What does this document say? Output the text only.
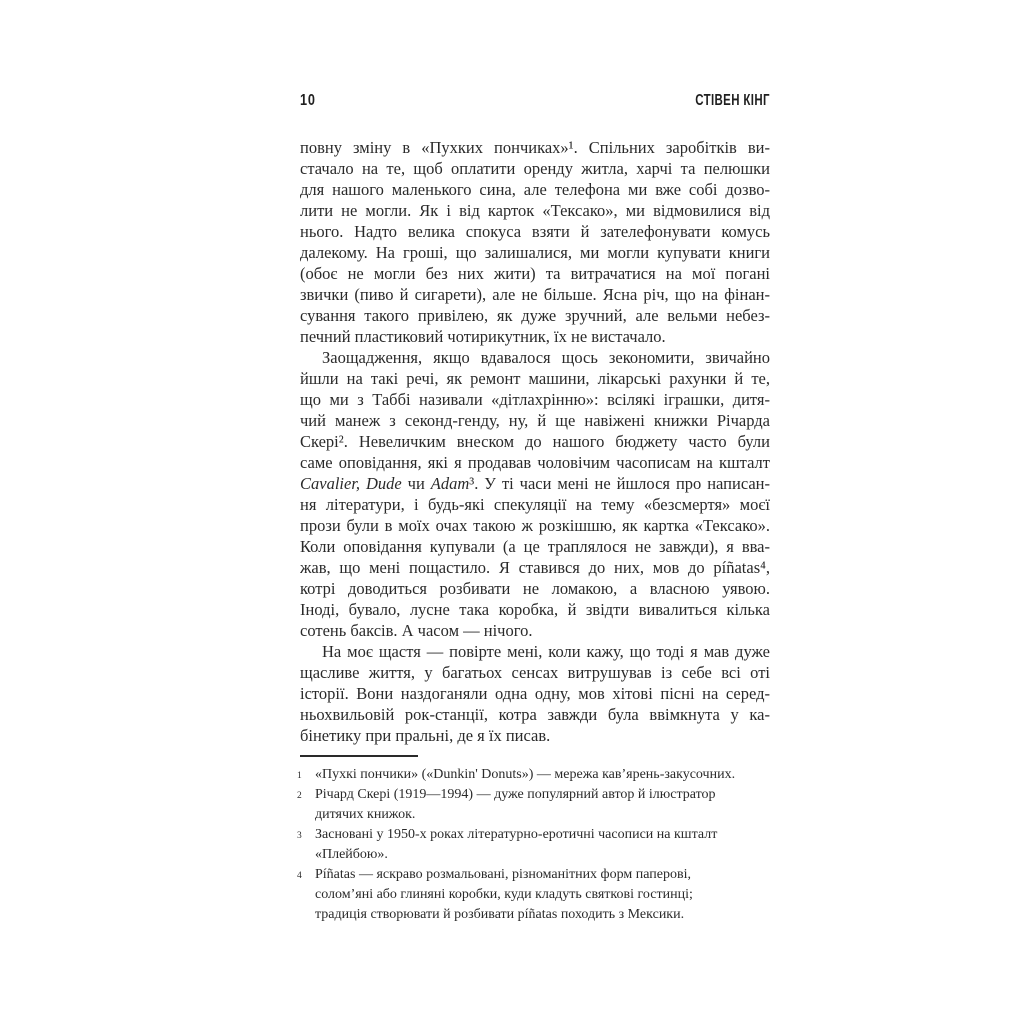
10	СТІВЕН КІНГ
повну зміну в «Пухких пончиках»¹. Спільних заробітків ви-
стачало на те, щоб оплатити оренду житла, харчі та пелюшки
для нашого маленького сина, але телефона ми вже собі дозво-
лити не могли. Як і від карток «Тексако», ми відмовилися від
нього. Надто велика спокуса взяти й зателефонувати комусь
далекому. На гроші, що залишалися, ми могли купувати книги
(обоє не могли без них жити) та витрачатися на мої погані
звички (пиво й сигарети), але не більше. Ясна річ, що на фінан-
сування такого привілею, як дуже зручний, але вельми небез-
печний пластиковий чотирикутник, їх не вистачало.
Заощадження, якщо вдавалося щось зекономити, звичайно
йшли на такі речі, як ремонт машини, лікарські рахунки й те,
що ми з Таббі називали «дітлахрінню»: всілякі іграшки, дитя-
чий манеж з секонд-генду, ну, й ще навіжені книжки Річарда
Скері². Невеличким внеском до нашого бюджету часто були
саме оповідання, які я продавав чоловічим часописам на кшталт
Cavalier, Dude чи Adam³. У ті часи мені не йшлося про написан-
ня літератури, і будь-які спекуляції на тему «безсмертя» моєї
прози були в моїх очах такою ж розкішшю, як картка «Тексако».
Коли оповідання купували (а це траплялося не завжди), я вва-
жав, що мені пощастило. Я ставився до них, мов до píñatas⁴,
котрі доводиться розбивати не ломакою, а власною уявою.
Іноді, бувало, лусне така коробка, й звідти вивалиться кілька
сотень баксів. А часом — нічого.
На моє щастя — повірте мені, коли кажу, що тоді я мав дуже
щасливе життя, у багатьох сенсах витрушував із себе всі оті
історії. Вони наздоганяли одна одну, мов хітові пісні на серед-
ньохвильовій рок-станції, котра завжди була ввімкнута у ка-
бінетику при пральні, де я їх писав.
1 «Пухкі пончики» («Dunkin' Donuts») — мережа кав’ярень-закусочних.
2 Річард Скері (1919—1994) — дуже популярний автор й ілюстратор
дитячих книжок.
3 Засновані у 1950-х роках літературно-еротичні часописи на кшталт
«Плейбою».
4 Píñatas — яскраво розмальовані, різноманітних форм паперові,
солом’яні або глиняні коробки, куди кладуть святкові гостинці;
традиція створювати й розбивати píñatas походить з Мексики.
